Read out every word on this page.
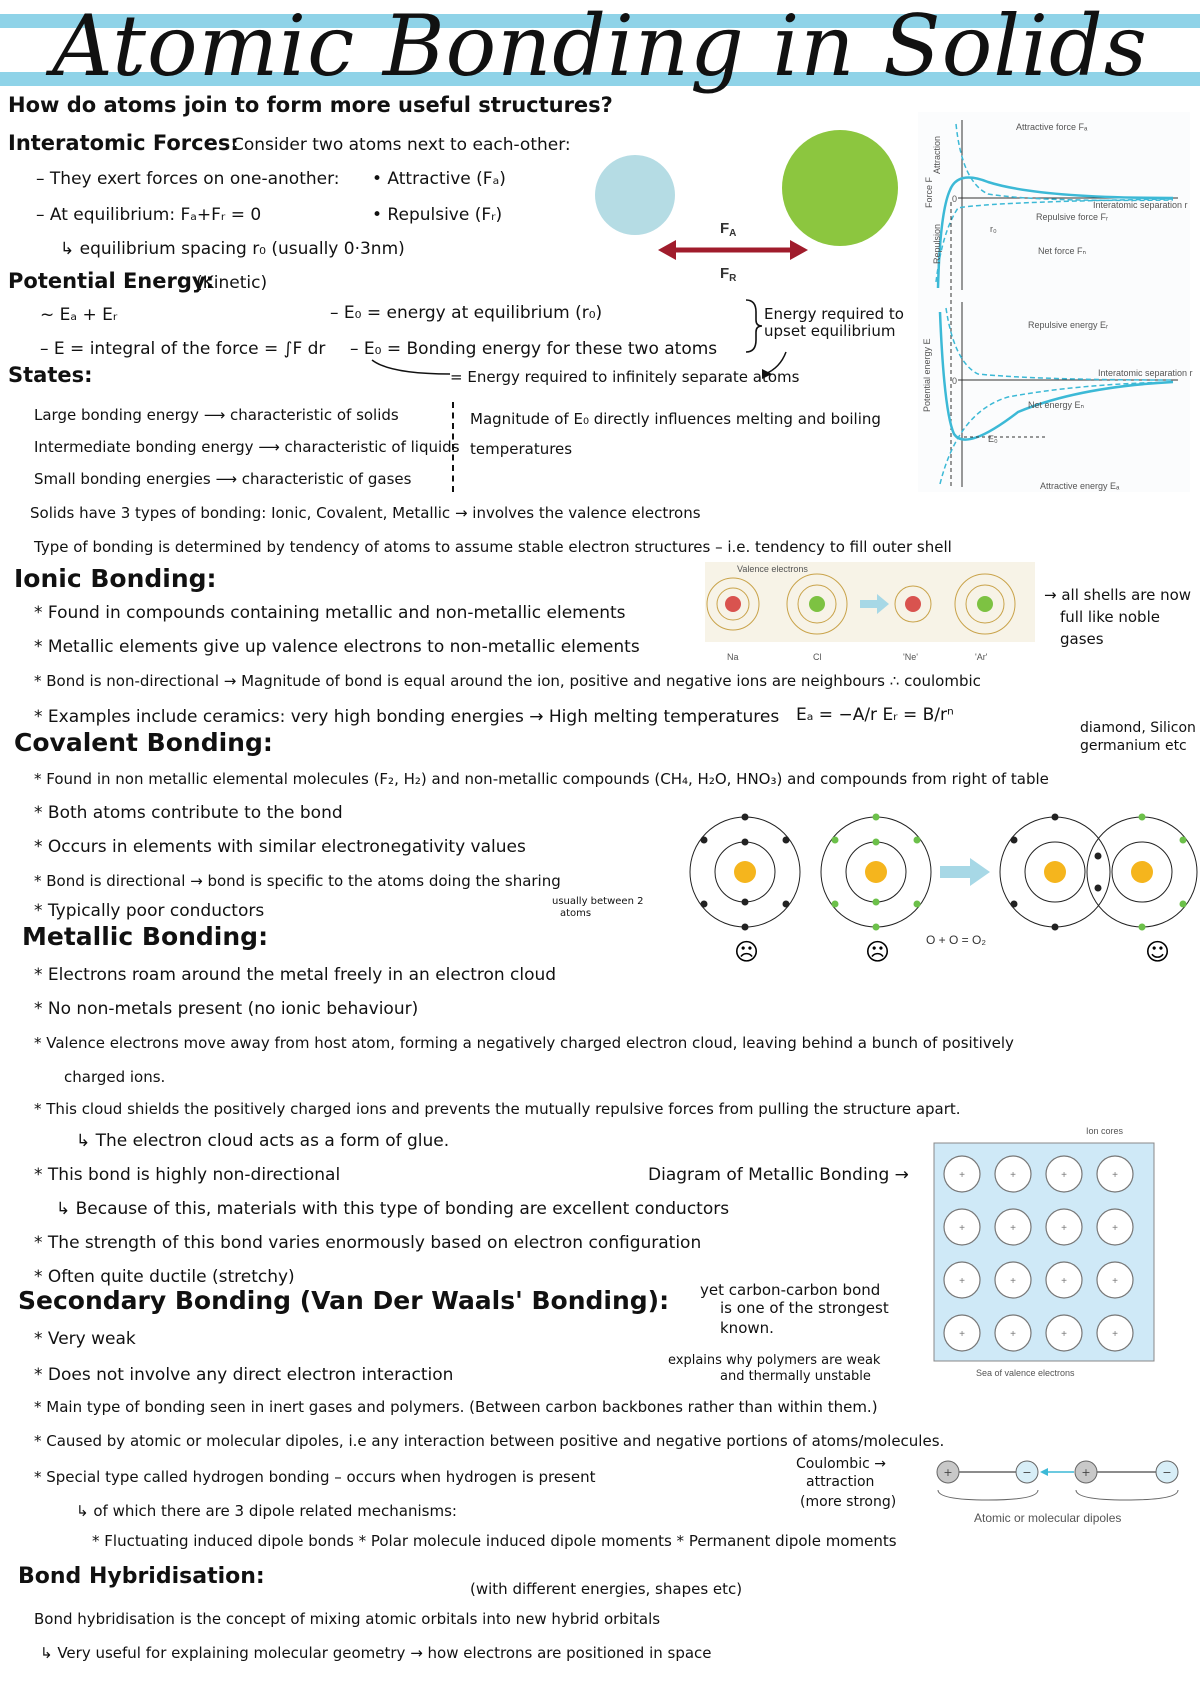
Atomic Bonding in Solids
How do atoms join to form more useful structures?
Interatomic Forces:
Consider two atoms next to each-other:
– They exert forces on one-another: • Attractive (Fₐ)
– At equilibrium: Fₐ+Fᵣ = 0	• Repulsive (Fᵣ)
↳ equilibrium spacing r₀ (usually 0·3nm)
$F_A$
$F_R$
Attractive force Fₐ
Interatomic separation r
Repulsive force Fᵣ
Net force Fₙ
r₀
0
Force F
Attraction
Repulsion
Repulsive energy Eᵣ
Interatomic separation r
Net energy Eₙ
Attractive energy Eₐ
E₀
0
Potential energy E
Potential Energy:
(Kinetic)
~ Eₐ + Eᵣ	– E₀ = energy at equilibrium (r₀)
– E = integral of the force = ∫F dr – E₀ = Bonding energy for these two atoms
Energy required to upset equilibrium
= Energy required to infinitely separate atoms
States:
Large bonding energy ⟶ characteristic of solids
Intermediate bonding energy ⟶ characteristic of liquids
Small bonding energies ⟶ characteristic of gases
Magnitude of E₀ directly influences melting and boiling temperatures
Solids have 3 types of bonding: Ionic, Covalent, Metallic → involves the valence electrons
Type of bonding is determined by tendency of atoms to assume stable electron structures – i.e. tendency to fill outer shell
Ionic Bonding:
* Found in compounds containing metallic and non-metallic elements
* Metallic elements give up valence electrons to non-metallic elements
* Bond is non-directional → Magnitude of bond is equal around the ion, positive and negative ions are neighbours ∴ coulombic
* Examples include ceramics: very high bonding energies → High melting temperatures Eₐ = −A/r Eᵣ = B/rⁿ
→ all shells are now
full like noble
gases
Valence electrons
Na	Cl	'Ne'	'Ar'
Covalent Bonding:	diamond, Silicon
germanium etc
* Found in non metallic elemental molecules (F₂, H₂) and non-metallic compounds (CH₄, H₂O, HNO₃) and compounds from right of table
* Both atoms contribute to the bond
* Occurs in elements with similar electronegativity values
* Bond is directional → bond is specific to the atoms doing the sharing
* Typically poor conductors	usually between 2
atoms
O + O = O₂
☹	☹	☺
Metallic Bonding:
* Electrons roam around the metal freely in an electron cloud
* No non-metals present (no ionic behaviour)
* Valence electrons move away from host atom, forming a negatively charged electron cloud, leaving behind a bunch of positively
charged ions.
* This cloud shields the positively charged ions and prevents the mutually repulsive forces from pulling the structure apart.
↳ The electron cloud acts as a form of glue.
* This bond is highly non-directional	Diagram of Metallic Bonding →
↳ Because of this, materials with this type of bonding are excellent conductors
* The strength of this bond varies enormously based on electron configuration
* Often quite ductile (stretchy)
Ion cores
+	+	+	+
+	+	+	+
+	+	+	+
+	+	+	+
Sea of valence electrons
Secondary Bonding (Van Der Waals' Bonding): yet carbon-carbon bond
is one of the strongest
known.
* Very weak
* Does not involve any direct electron interaction
explains why polymers are weak
and thermally unstable
* Main type of bonding seen in inert gases and polymers. (Between carbon backbones rather than within them.)
* Caused by atomic or molecular dipoles, i.e any interaction between positive and negative portions of atoms/molecules.
* Special type called hydrogen bonding – occurs when hydrogen is present
↳ of which there are 3 dipole related mechanisms:
Coulombic →
attraction
(more strong)
* Fluctuating induced dipole bonds * Polar molecule induced dipole moments * Permanent dipole moments
+	−	+	−
Atomic or molecular dipoles
Bond Hybridisation:	(with different energies, shapes etc)
Bond hybridisation is the concept of mixing atomic orbitals into new hybrid orbitals
↳ Very useful for explaining molecular geometry → how electrons are positioned in space
